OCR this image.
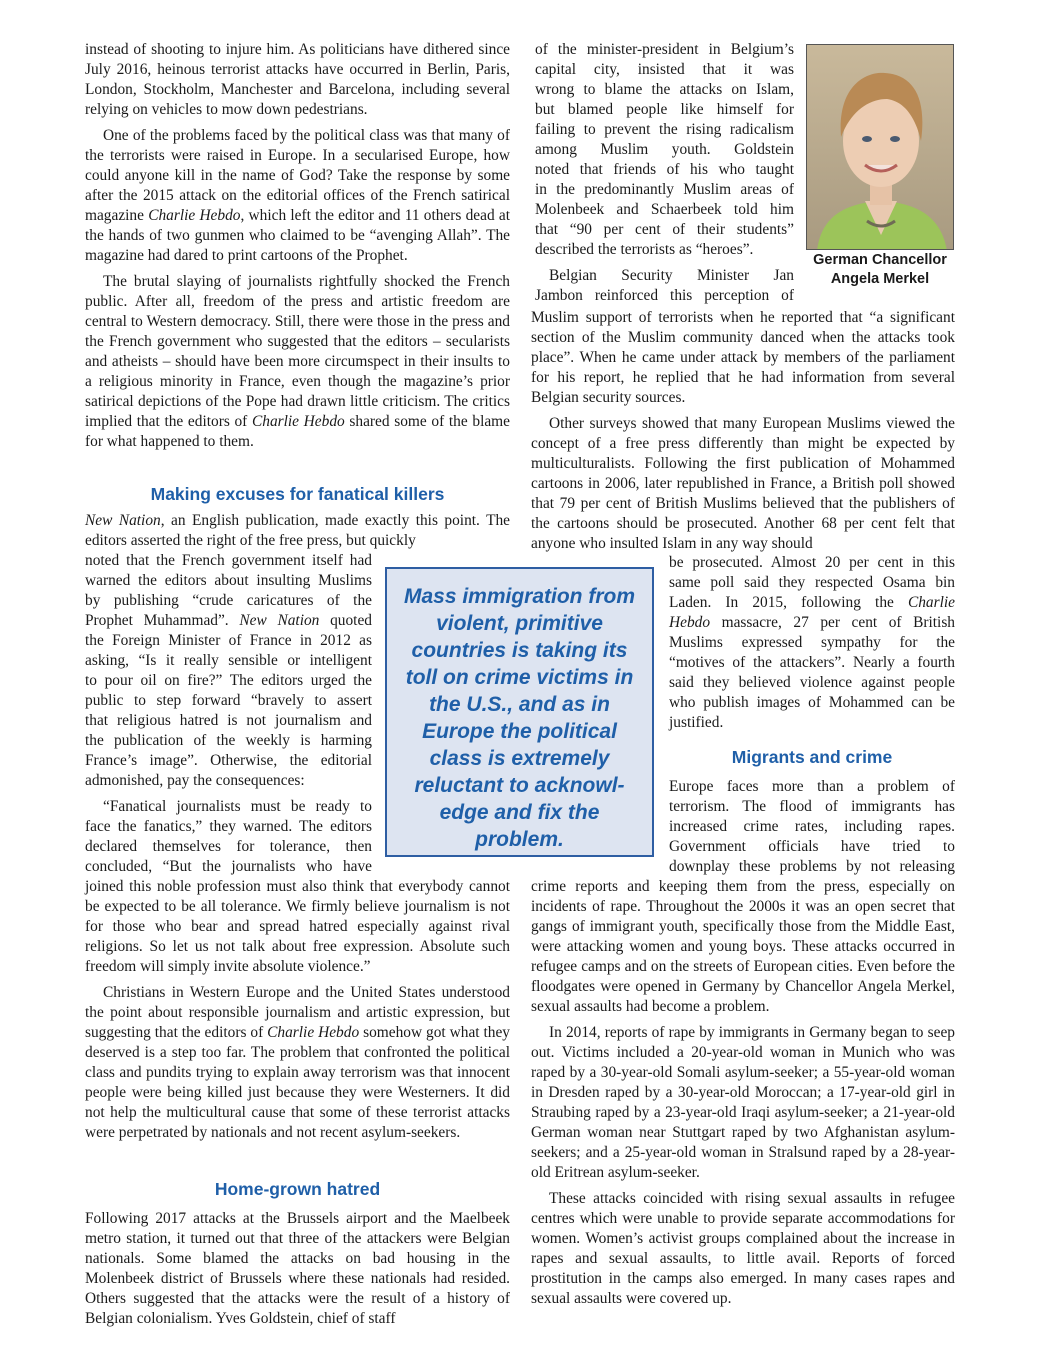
instead of shooting to injure him. As politicians have dithered since July 2016, heinous terrorist attacks have occurred in Berlin, Paris, London, Stockholm, Manchester and Barcelona, including several relying on vehicles to mow down pedestrians.

One of the problems faced by the political class was that many of the terrorists were raised in Europe. In a secularised Europe, how could anyone kill in the name of God? Take the response by some after the 2015 attack on the editorial offices of the French satirical magazine Charlie Hebdo, which left the editor and 11 others dead at the hands of two gunmen who claimed to be “avenging Allah”. The magazine had dared to print cartoons of the Prophet.

The brutal slaying of journalists rightfully shocked the French public. After all, freedom of the press and artistic freedom are central to Western democracy. Still, there were those in the press and the French government who suggested that the editors – secularists and atheists – should have been more circumspect in their insults to a religious minority in France, even though the magazine’s prior satirical depictions of the Pope had drawn little criticism. The critics implied that the editors of Charlie Hebdo shared some of the blame for what happened to them.

Making excuses for fanatical killers

New Nation, an English publication, made exactly this point. The editors asserted the right of the free press, but quickly

noted that the French government itself had
warned the editors about insulting Muslims
by publishing “crude caricatures of the
Prophet Muhammad”. New Nation quoted
the Foreign Minister of France in 2012 as
asking, “Is it really sensible or intelligent
to pour oil on fire?” The editors urged the
public to step forward “bravely to assert
that religious hatred is not journalism and
the publication of the weekly is harming
France’s image”. Otherwise, the editorial
admonished, pay the consequences:
“Fanatical journalists must be ready to
face the fanatics,” they warned. The editors
declared themselves for tolerance, then
concluded, “But the journalists who have

joined this noble profession must also think that everybody cannot be expected to be all tolerance. We firmly believe journalism is not for those who bear and spread hatred especially against rival religions. So let us not talk about free expression. Absolute such freedom will simply invite absolute violence.”

Christians in Western Europe and the United States understood the point about responsible journalism and artistic expression, but suggesting that the editors of Charlie Hebdo somehow got what they deserved is a step too far. The problem that confronted the political class and pundits trying to explain away terrorism was that innocent people were being killed just because they were Westerners. It did not help the multicultural cause that some of these terrorist attacks were perpetrated by nationals and not recent asylum-seekers.

Home-grown hatred

Following 2017 attacks at the Brussels airport and the Maelbeek metro station, it turned out that three of the attackers were Belgian nationals. Some blamed the attacks on bad housing in the Molenbeek district of Brussels where these nationals had resided. Others suggested that the attacks were the result of a history of Belgian colonialism. Yves Goldstein, chief of staff

Mass immigration from violent, primitive countries is taking its toll on crime victims in the U.S., and as in Europe the political class is extremely reluctant to acknowl-edge and fix the problem.
of the minister-president in Belgium’s
capital city, insisted that it was
wrong to blame the attacks on Islam,
but blamed people like himself for
failing to prevent the rising radicalism
among Muslim youth. Goldstein
noted that friends of his who taught
in the predominantly Muslim areas of
Molenbeek and Schaerbeek told him
that “90 per cent of their students”
described the terrorists as “heroes”.
Belgian Security Minister Jan
Jambon reinforced this perception of
German Chancellor
Angela Merkel

Muslim support of terrorists when he reported that “a significant section of the Muslim community danced when the attacks took place”. When he came under attack by members of the parliament for his report, he replied that he had information from several Belgian security sources.

Other surveys showed that many European Muslims viewed the concept of a free press differently than might be expected by multiculturalists. Following the first publication of Mohammed cartoons in 2006, later republished in France, a British poll showed that 79 per cent of British Muslims believed that the publishers of the cartoons should be prosecuted. Another 68 per cent felt that anyone who insulted Islam in any way should

be prosecuted. Almost 20 per cent in this
same poll said they respected Osama bin
Laden. In 2015, following the Charlie
Hebdo massacre, 27 per cent of British
Muslims expressed sympathy for the
“motives of the attackers”. Nearly a fourth
said they believed violence against people
who publish images of Mohammed can be
justified.
Migrants and crime
Europe faces more than a problem of
terrorism. The flood of immigrants has
increased crime rates, including rapes.
Government officials have tried to
downplay these problems by not releasing

crime reports and keeping them from the press, especially on incidents of rape. Throughout the 2000s it was an open secret that gangs of immigrant youth, specifically those from the Middle East, were attacking women and young boys. These attacks occurred in refugee camps and on the streets of European cities. Even before the floodgates were opened in Germany by Chancellor Angela Merkel, sexual assaults had become a problem.

In 2014, reports of rape by immigrants in Germany began to seep out. Victims included a 20-year-old woman in Munich who was raped by a 30-year-old Somali asylum-seeker; a 55-year-old woman in Dresden raped by a 30-year-old Moroccan; a 17-year-old girl in Straubing raped by a 23-year-old Iraqi asylum-seeker; a 21-year-old German woman near Stuttgart raped by two Afghanistan asylum-seekers; and a 25-year-old woman in Stralsund raped by a 28-year-old Eritrean asylum-seeker.

These attacks coincided with rising sexual assaults in refugee centres which were unable to provide separate accommodations for women. Women’s activist groups complained about the increase in rapes and sexual assaults, to little avail. Reports of forced prostitution in the camps also emerged. In many cases rapes and sexual assaults were covered up.
